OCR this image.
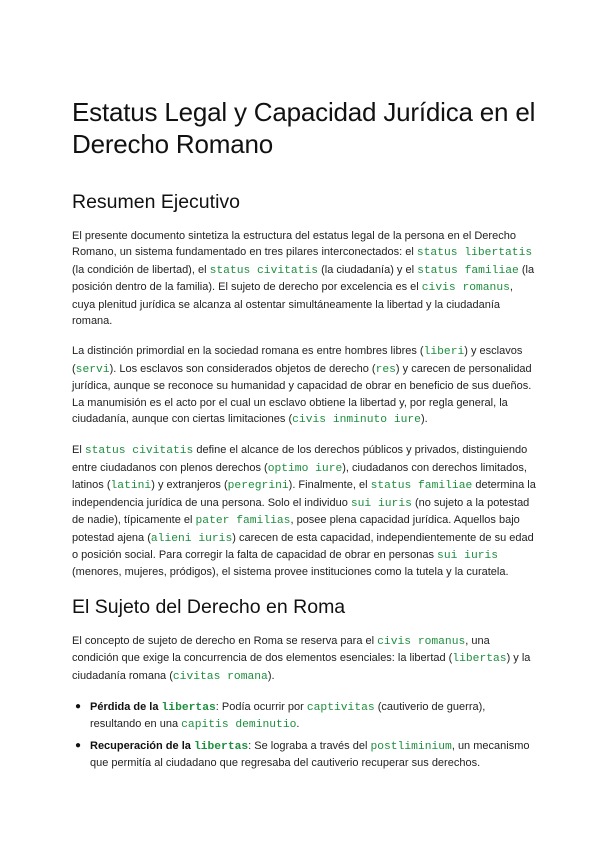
Estatus Legal y Capacidad Jurídica en el Derecho Romano
Resumen Ejecutivo

El presente documento sintetiza la estructura del estatus legal de la persona en el Derecho Romano, un sistema fundamentado en tres pilares interconectados: el status libertatis (la condición de libertad), el status civitatis (la ciudadanía) y el status familiae (la posición dentro de la familia). El sujeto de derecho por excelencia es el civis romanus, cuya plenitud jurídica se alcanza al ostentar simultáneamente la libertad y la ciudadanía romana.

La distinción primordial en la sociedad romana es entre hombres libres (liberi) y esclavos (servi). Los esclavos son considerados objetos de derecho (res) y carecen de personalidad jurídica, aunque se reconoce su humanidad y capacidad de obrar en beneficio de sus dueños. La manumisión es el acto por el cual un esclavo obtiene la libertad y, por regla general, la ciudadanía, aunque con ciertas limitaciones (civis inminuto iure).

El status civitatis define el alcance de los derechos públicos y privados, distinguiendo entre ciudadanos con plenos derechos (optimo iure), ciudadanos con derechos limitados, latinos (latini) y extranjeros (peregrini). Finalmente, el status familiae determina la independencia jurídica de una persona. Solo el individuo sui iuris (no sujeto a la potestad de nadie), típicamente el pater familias, posee plena capacidad jurídica. Aquellos bajo potestad ajena (alieni iuris) carecen de esta capacidad, independientemente de su edad o posición social. Para corregir la falta de capacidad de obrar en personas sui iuris (menores, mujeres, pródigos), el sistema provee instituciones como la tutela y la curatela.

El Sujeto del Derecho en Roma

El concepto de sujeto de derecho en Roma se reserva para el civis romanus, una condición que exige la concurrencia de dos elementos esenciales: la libertad (libertas) y la ciudadanía romana (civitas romana).

● Pérdida de la libertas: Podía ocurrir por captivitas (cautiverio de guerra), resultando en una capitis deminutio.
● Recuperación de la libertas: Se lograba a través del postliminium, un mecanismo que permitía al ciudadano que regresaba del cautiverio recuperar sus derechos.
